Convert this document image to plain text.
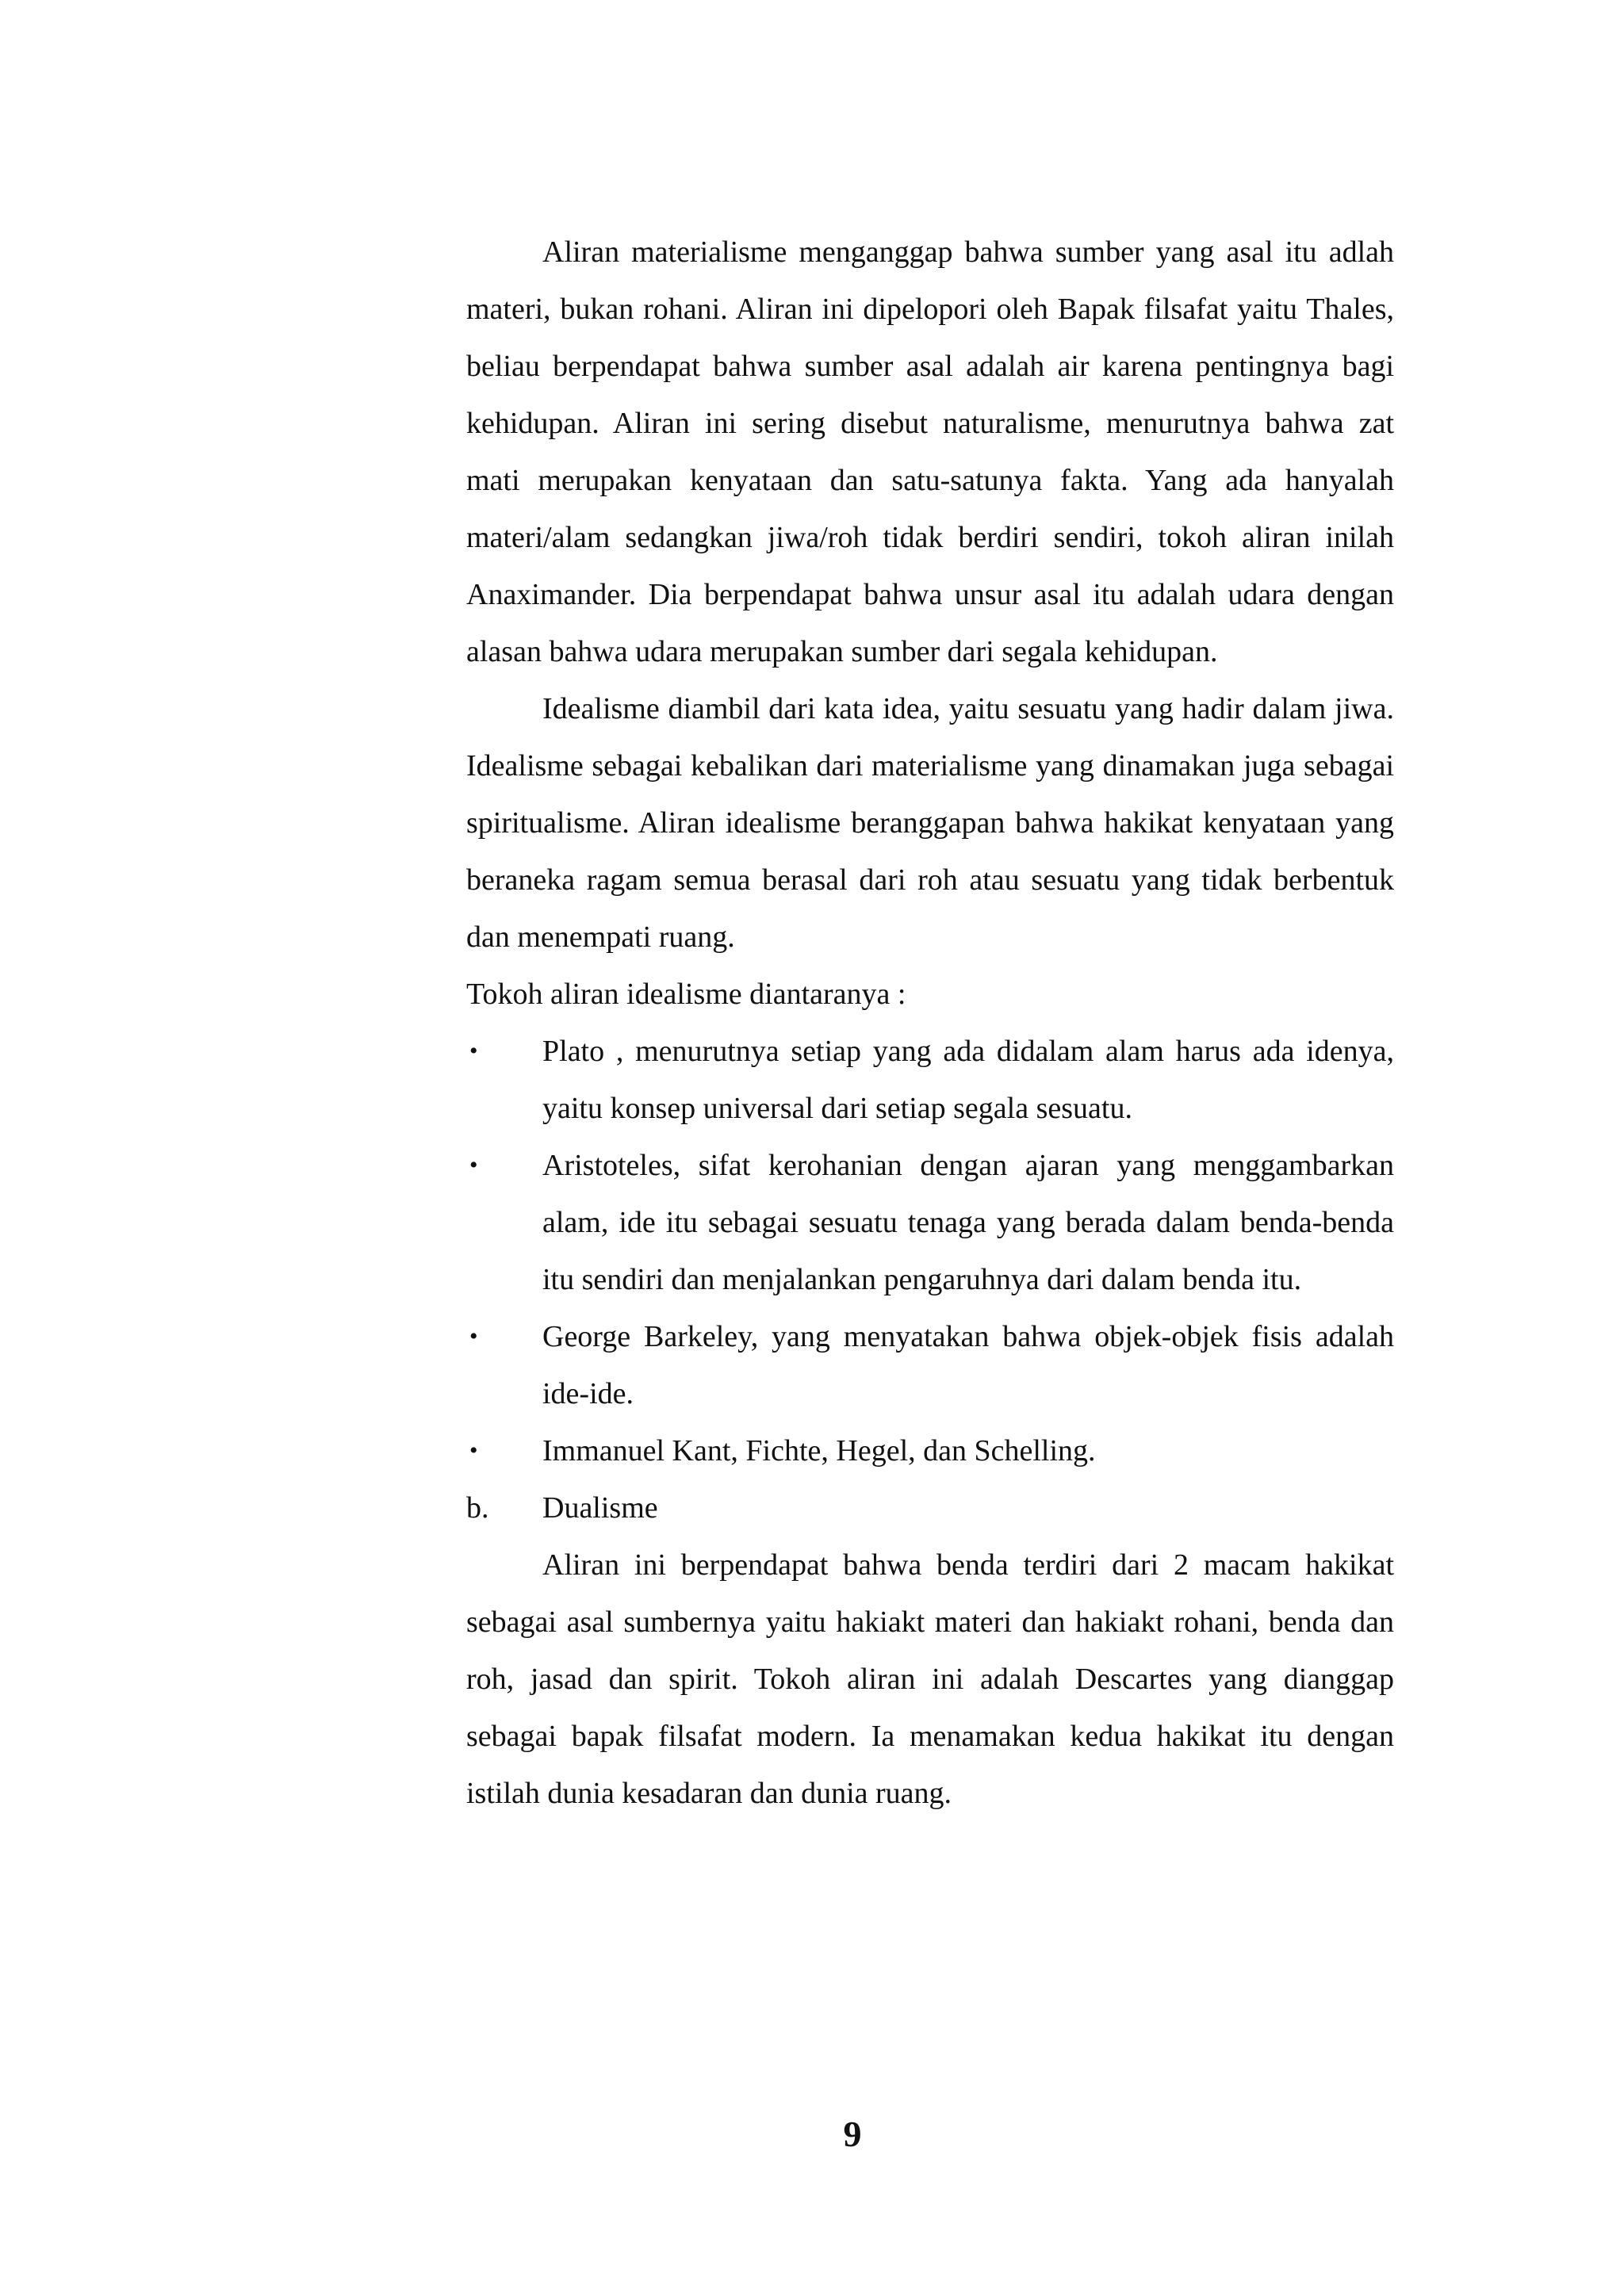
Aliran materialisme menganggap bahwa sumber yang asal itu adlah materi, bukan rohani. Aliran ini dipelopori oleh Bapak filsafat yaitu Thales, beliau berpendapat bahwa sumber asal adalah air karena pentingnya bagi kehidupan. Aliran ini sering disebut naturalisme, menurutnya bahwa zat mati merupakan kenyataan dan satu-satunya fakta. Yang ada hanyalah materi/alam sedangkan jiwa/roh tidak berdiri sendiri, tokoh aliran inilah Anaximander. Dia berpendapat bahwa unsur asal itu adalah udara dengan alasan bahwa udara merupakan sumber dari segala kehidupan.

Idealisme diambil dari kata idea, yaitu sesuatu yang hadir dalam jiwa. Idealisme sebagai kebalikan dari materialisme yang dinamakan juga sebagai spiritualisme. Aliran idealisme beranggapan bahwa hakikat kenyataan yang beraneka ragam semua berasal dari roh atau sesuatu yang tidak berbentuk dan menempati ruang.

Tokoh aliran idealisme diantaranya :

•	Plato , menurutnya setiap yang ada didalam alam harus ada idenya, yaitu konsep universal dari setiap segala sesuatu.
•	Aristoteles, sifat kerohanian dengan ajaran yang menggambarkan alam, ide itu sebagai sesuatu tenaga yang berada dalam benda-benda itu sendiri dan menjalankan pengaruhnya dari dalam benda itu.
•	George Barkeley, yang menyatakan bahwa objek-objek fisis adalah ide-ide.
•	Immanuel Kant, Fichte, Hegel, dan Schelling.

b. Dualisme

Aliran ini berpendapat bahwa benda terdiri dari 2 macam hakikat sebagai asal sumbernya yaitu hakiakt materi dan hakiakt rohani, benda dan roh, jasad dan spirit. Tokoh aliran ini adalah Descartes yang dianggap sebagai bapak filsafat modern. Ia menamakan kedua hakikat itu dengan istilah dunia kesadaran dan dunia ruang.

9
